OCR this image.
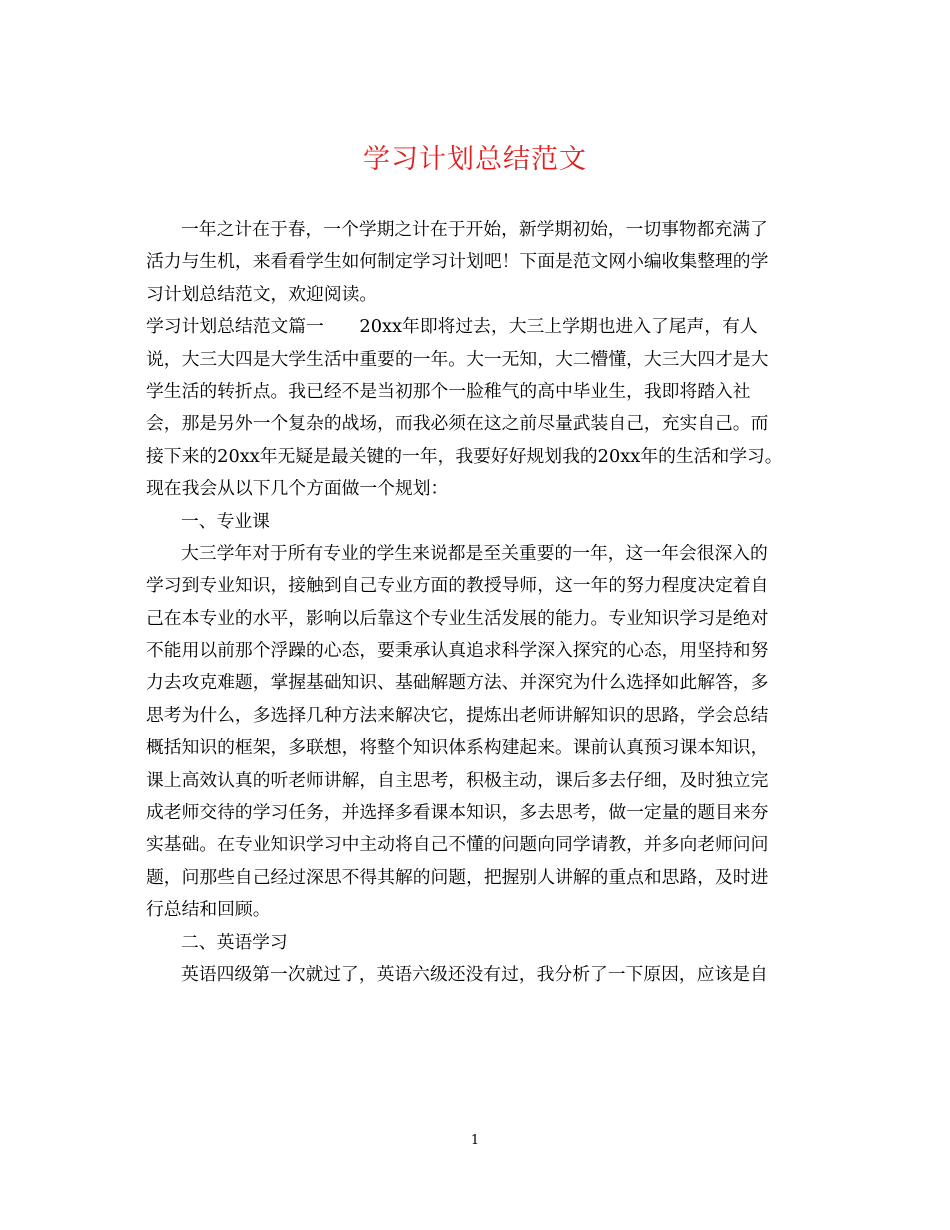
学习计划总结范文
一年之计在于春，一个学期之计在于开始，新学期初始，一切事物都充满了
活力与生机，来看看学生如何制定学习计划吧！下面是范文网小编收集整理的学
习计划总结范文，欢迎阅读。
学习计划总结范文篇一　　20xx年即将过去，大三上学期也进入了尾声，有人
说，大三大四是大学生活中重要的一年。大一无知，大二懵懂，大三大四才是大
学生活的转折点。我已经不是当初那个一脸稚气的高中毕业生，我即将踏入社
会，那是另外一个复杂的战场，而我必须在这之前尽量武装自己，充实自己。而
接下来的20xx年无疑是最关键的一年，我要好好规划我的20xx年的生活和学习。
现在我会从以下几个方面做一个规划：
一、专业课
大三学年对于所有专业的学生来说都是至关重要的一年，这一年会很深入的
学习到专业知识，接触到自己专业方面的教授导师，这一年的努力程度决定着自
己在本专业的水平，影响以后靠这个专业生活发展的能力。专业知识学习是绝对
不能用以前那个浮躁的心态，要秉承认真追求科学深入探究的心态，用坚持和努
力去攻克难题，掌握基础知识、基础解题方法、并深究为什么选择如此解答，多
思考为什么，多选择几种方法来解决它，提炼出老师讲解知识的思路，学会总结
概括知识的框架，多联想，将整个知识体系构建起来。课前认真预习课本知识，
课上高效认真的听老师讲解，自主思考，积极主动，课后多去仔细，及时独立完
成老师交待的学习任务，并选择多看课本知识，多去思考，做一定量的题目来夯
实基础。在专业知识学习中主动将自己不懂的问题向同学请教，并多向老师问问
题，问那些自己经过深思不得其解的问题，把握别人讲解的重点和思路，及时进
行总结和回顾。
二、英语学习
英语四级第一次就过了，英语六级还没有过，我分析了一下原因，应该是自
1
